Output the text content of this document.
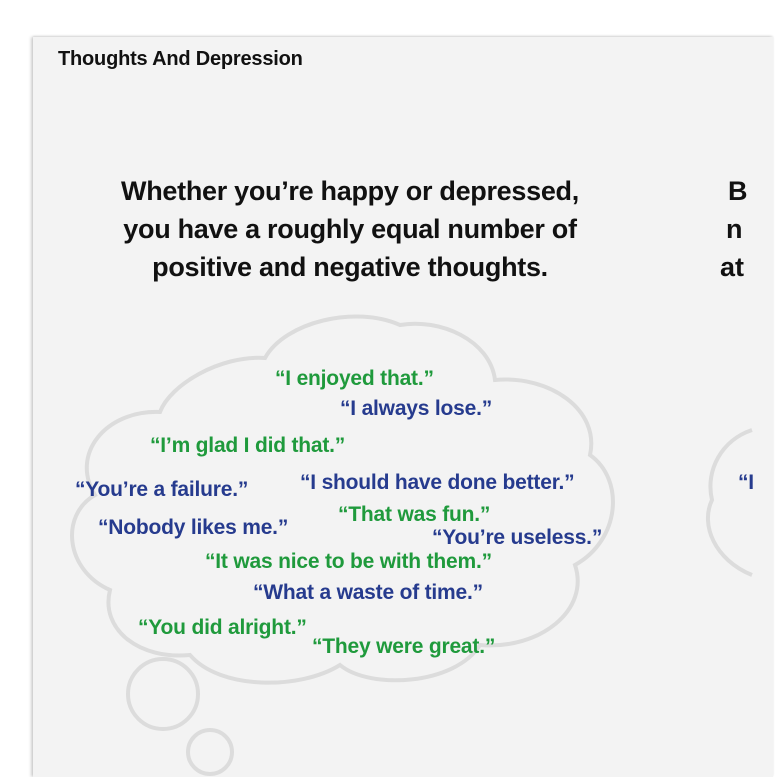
Thoughts And Depression
Whether you’re happy or depressed,
you have a roughly equal number of
positive and negative thoughts.
B
n
at
“I enjoyed that.”
“I always lose.”
“I’m glad I did that.”
“You’re a failure.” “I should have done better.”
“That was fun.”
“Nobody likes me.”	“You’re useless.”
“It was nice to be with them.”
“What a waste of time.”
“You did alright.”
“They were great.”
“I
